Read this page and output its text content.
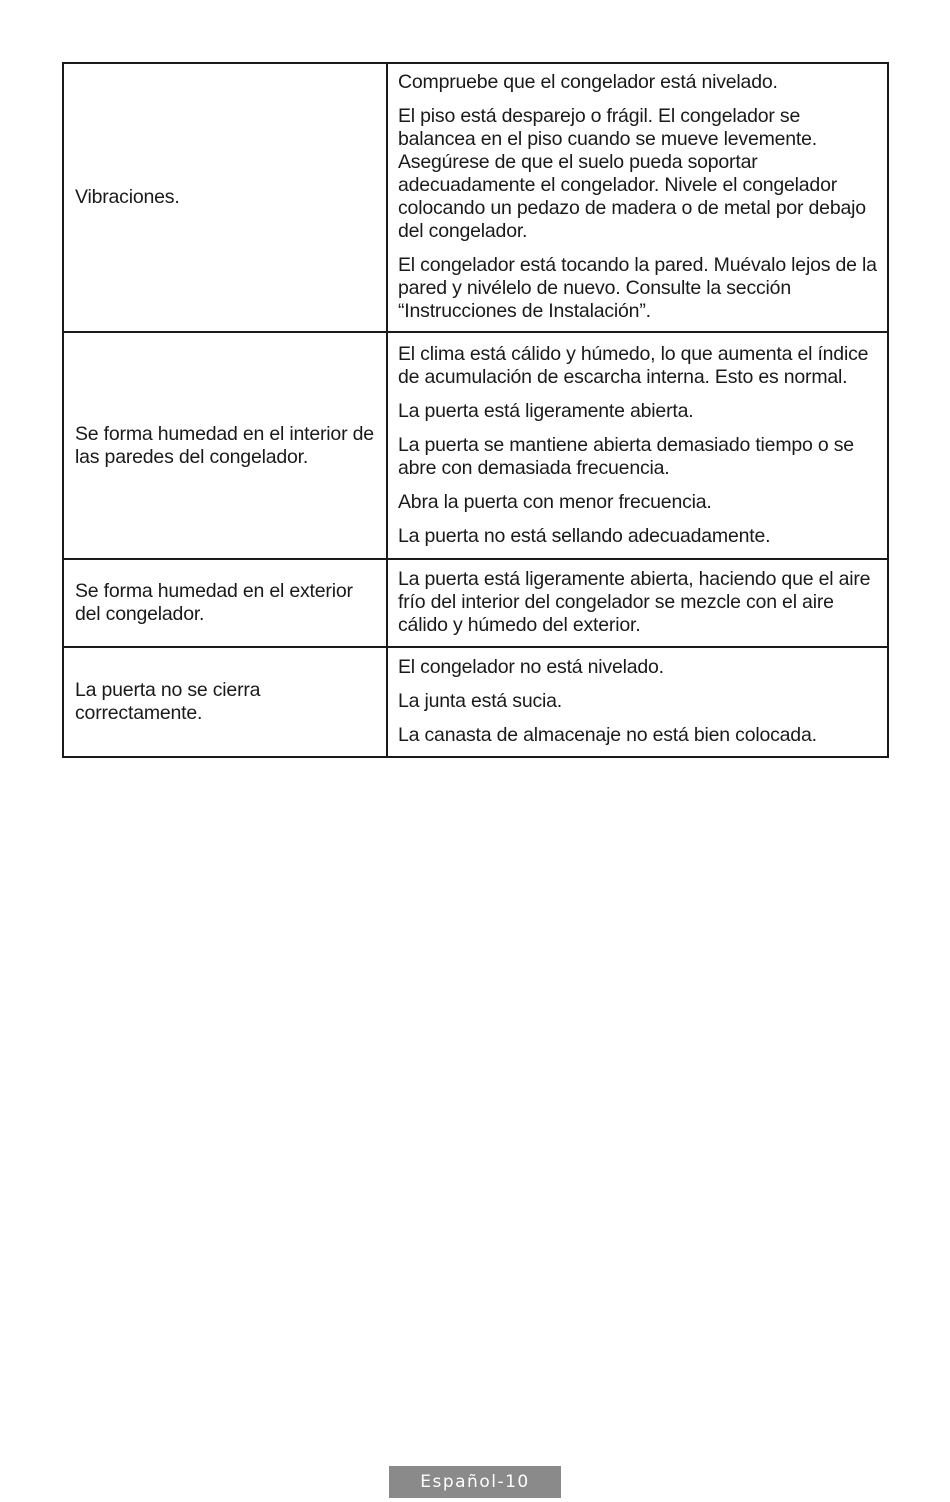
Vibraciones.	Compruebe que el congelador está nivelado.

El piso está desparejo o frágil. El congelador se balancea en el piso cuando se mueve levemente. Asegúrese de que el suelo pueda soportar adecuadamente el congelador. Nivele el congelador colocando un pedazo de madera o de metal por debajo del congelador.

El congelador está tocando la pared. Muévalo lejos de la pared y nivélelo de nuevo. Consulte la sección “Instrucciones de Instalación”.

Se forma humedad en el interior de las paredes del congelador.	El clima está cálido y húmedo, lo que aumenta el índice de acumulación de escarcha interna. Esto es normal.

La puerta está ligeramente abierta.

La puerta se mantiene abierta demasiado tiempo o se abre con demasiada frecuencia.

Abra la puerta con menor frecuencia.

La puerta no está sellando adecuadamente.

Se forma humedad en el exterior del congelador.	La puerta está ligeramente abierta, haciendo que el aire frío del interior del congelador se mezcle con el aire cálido y húmedo del exterior.

La puerta no se cierra correctamente.	El congelador no está nivelado.

La junta está sucia.

La canasta de almacenaje no está bien colocada.

Español-10
